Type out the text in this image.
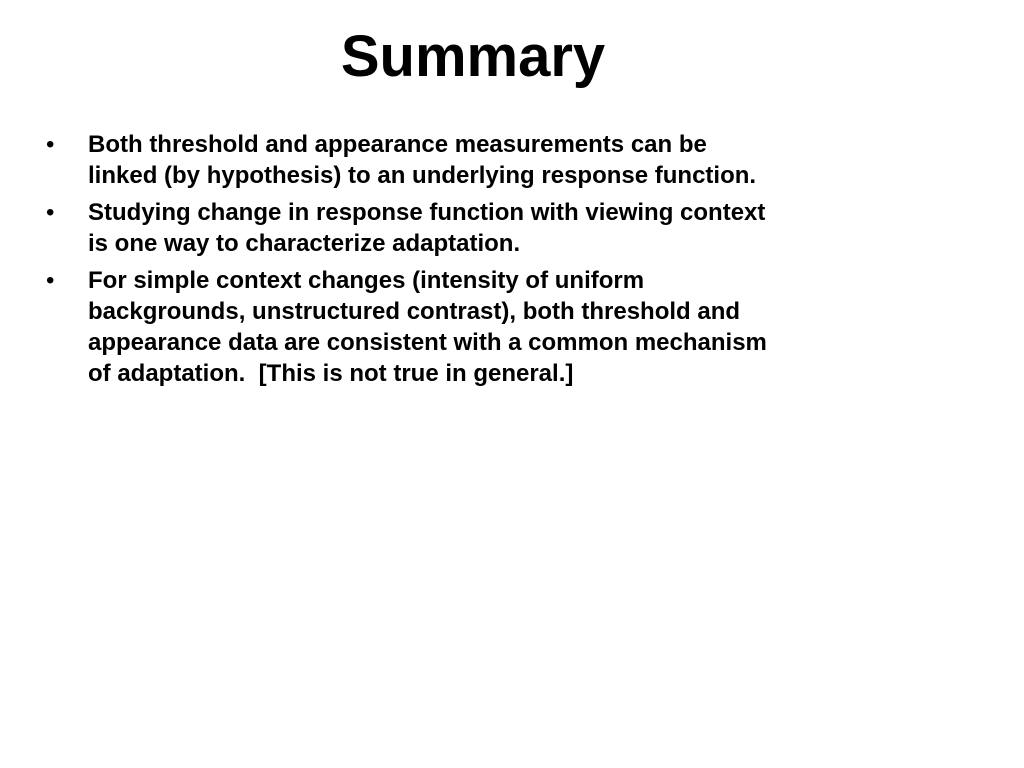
Summary
• Both threshold and appearance measurements can be
linked (by hypothesis) to an underlying response function.
• Studying change in response function with viewing context
is one way to characterize adaptation.
• For simple context changes (intensity of uniform
backgrounds, unstructured contrast), both threshold and
appearance data are consistent with a common mechanism
of adaptation.  [This is not true in general.]
